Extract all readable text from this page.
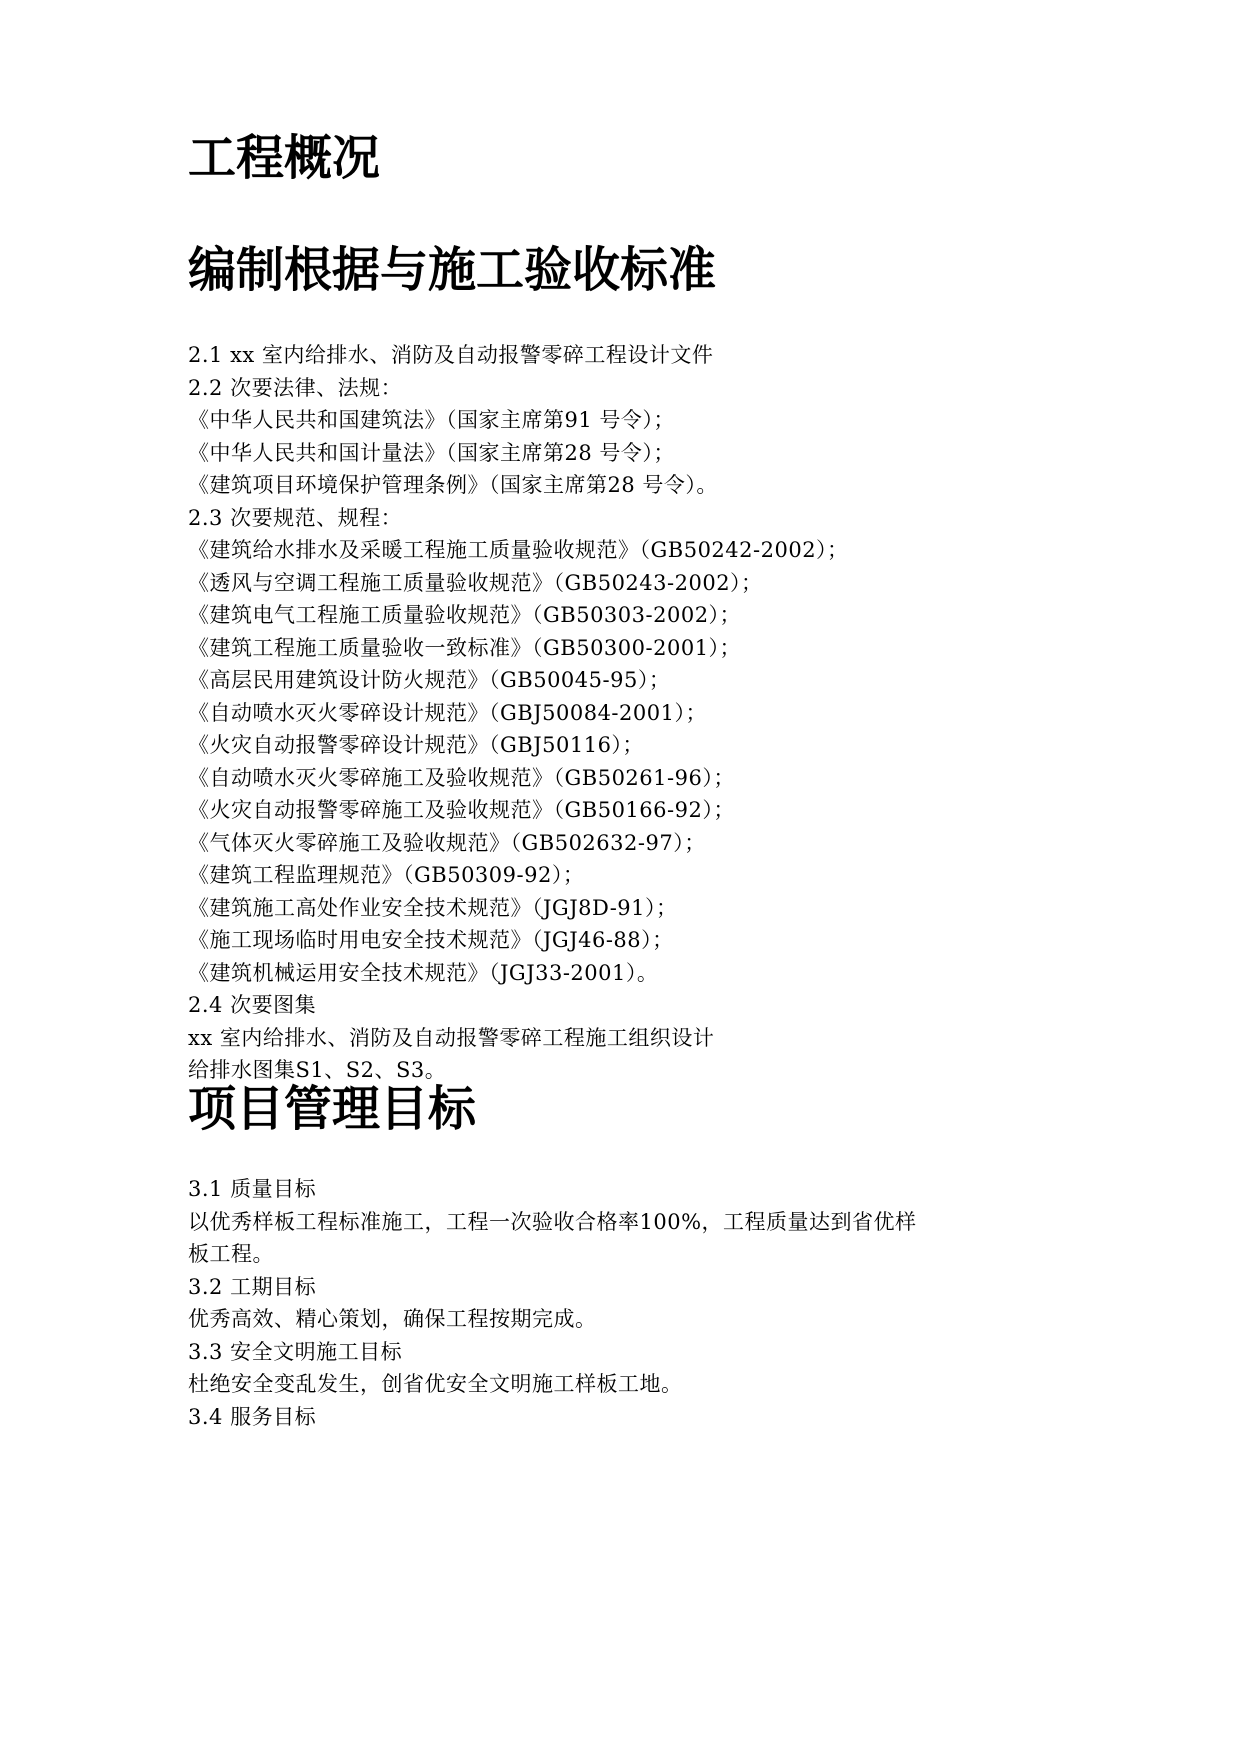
工程概况
编制根据与施工验收标准
2.1 xx 室内给排水、消防及自动报警零碎工程设计文件
2.2 次要法律、法规：
《中华人民共和国建筑法》（国家主席第91 号令）；
《中华人民共和国计量法》（国家主席第28 号令）；
《建筑项目环境保护管理条例》（国家主席第28 号令）。
2.3 次要规范、规程：
《建筑给水排水及采暖工程施工质量验收规范》（GB50242-2002）；
《透风与空调工程施工质量验收规范》（GB50243-2002）；
《建筑电气工程施工质量验收规范》（GB50303-2002）；
《建筑工程施工质量验收一致标准》（GB50300-2001）；
《高层民用建筑设计防火规范》（GB50045-95）；
《自动喷水灭火零碎设计规范》（GBJ50084-2001）；
《火灾自动报警零碎设计规范》（GBJ50116）；
《自动喷水灭火零碎施工及验收规范》（GB50261-96）；
《火灾自动报警零碎施工及验收规范》（GB50166-92）；
《气体灭火零碎施工及验收规范》（GB502632-97）；
《建筑工程监理规范》（GB50309-92）；
《建筑施工高处作业安全技术规范》（JGJ8D-91）；
《施工现场临时用电安全技术规范》（JGJ46-88）；
《建筑机械运用安全技术规范》（JGJ33-2001）。
2.4 次要图集
xx 室内给排水、消防及自动报警零碎工程施工组织设计
给排水图集S1、S2、S3。
项目管理目标
3.1 质量目标
以优秀样板工程标准施工，工程一次验收合格率100%，工程质量达到省优样
板工程。
3.2 工期目标
优秀高效、精心策划，确保工程按期完成。
3.3 安全文明施工目标
杜绝安全变乱发生，创省优安全文明施工样板工地。
3.4 服务目标
